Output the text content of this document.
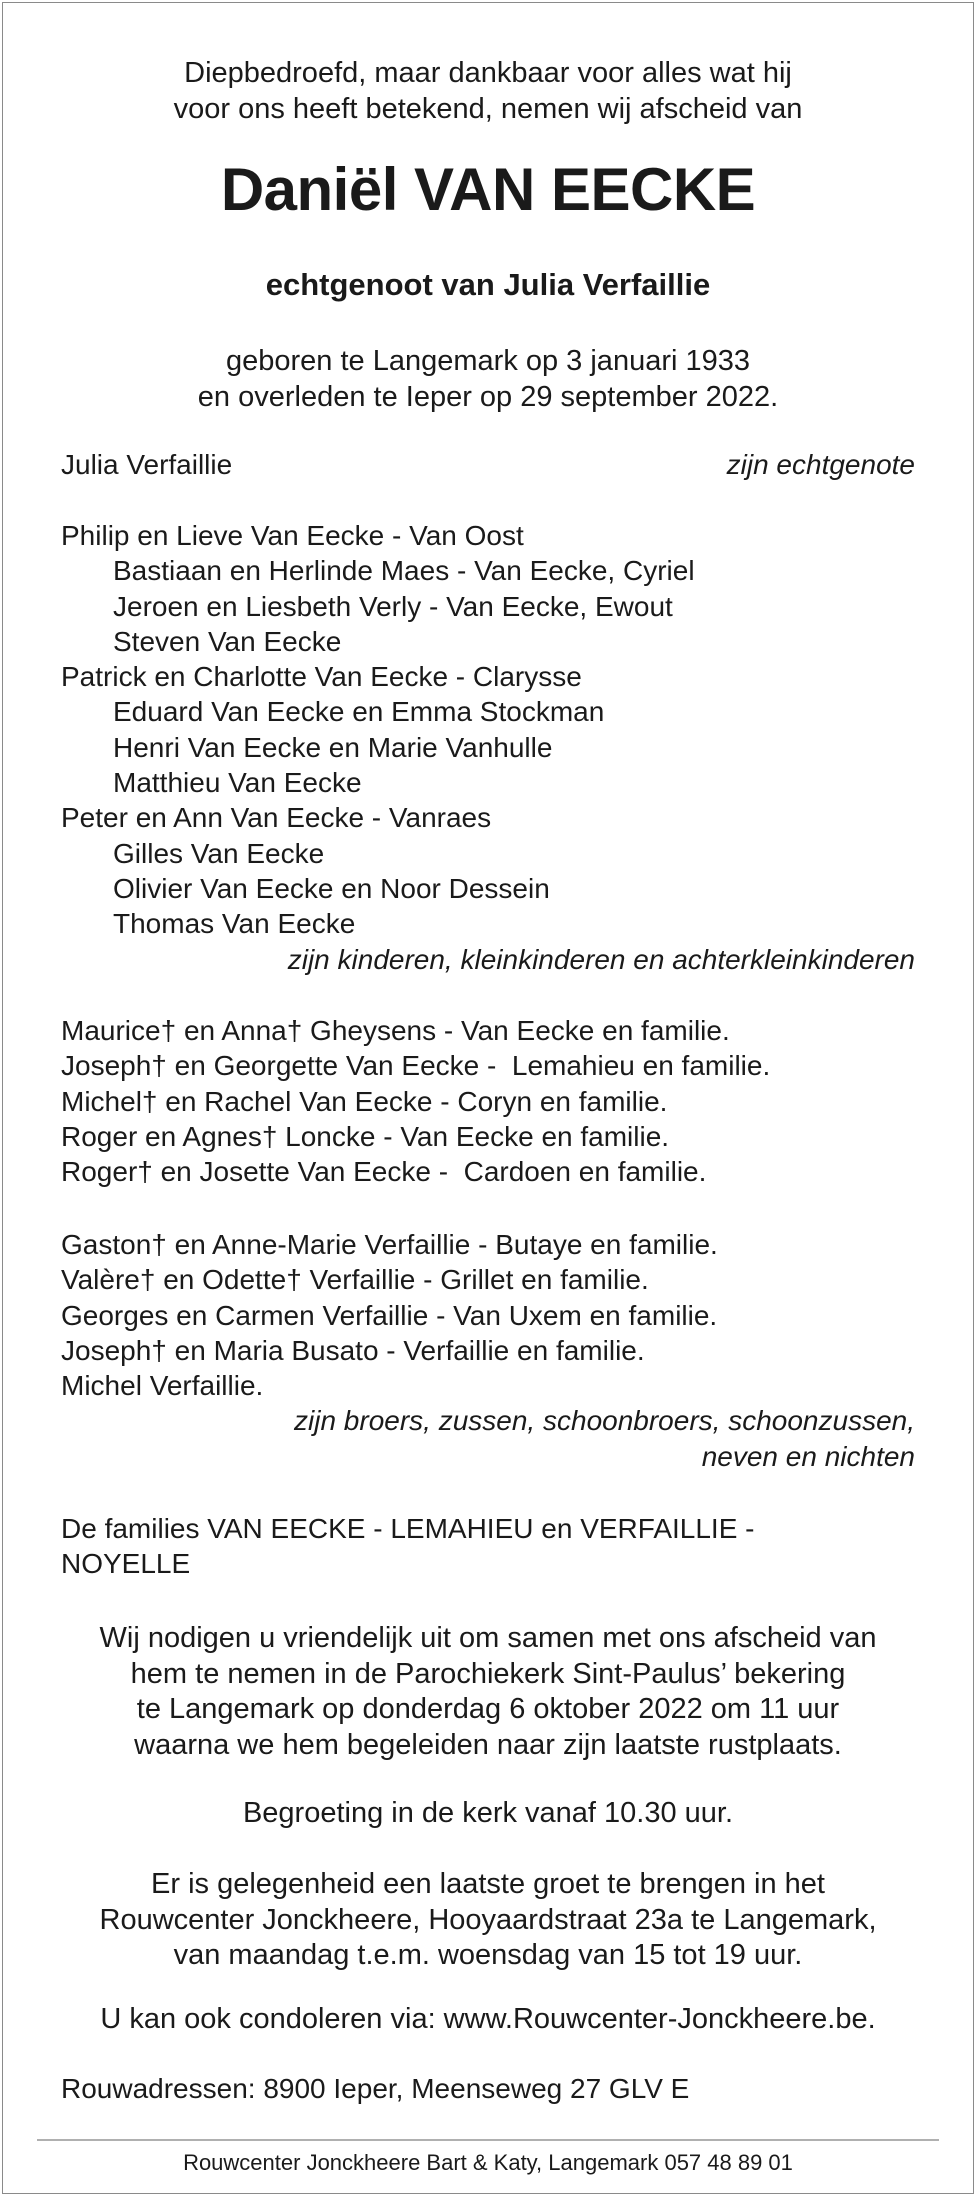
Diepbedroefd, maar dankbaar voor alles wat hij
voor ons heeft betekend, nemen wij afscheid van
Daniël VAN EECKE
echtgenoot van Julia Verfaillie
geboren te Langemark op 3 januari 1933
en overleden te Ieper op 29 september 2022.
Julia Verfaillie	zijn echtgenote
Philip en Lieve Van Eecke - Van Oost
Bastiaan en Herlinde Maes - Van Eecke, Cyriel
Jeroen en Liesbeth Verly - Van Eecke, Ewout
Steven Van Eecke
Patrick en Charlotte Van Eecke - Clarysse
Eduard Van Eecke en Emma Stockman
Henri Van Eecke en Marie Vanhulle
Matthieu Van Eecke
Peter en Ann Van Eecke - Vanraes
Gilles Van Eecke
Olivier Van Eecke en Noor Dessein
Thomas Van Eecke
zijn kinderen, kleinkinderen en achterkleinkinderen
Maurice† en Anna† Gheysens - Van Eecke en familie.
Joseph† en Georgette Van Eecke -  Lemahieu en familie.
Michel† en Rachel Van Eecke - Coryn en familie.
Roger en Agnes† Loncke - Van Eecke en familie.
Roger† en Josette Van Eecke -  Cardoen en familie.
Gaston† en Anne-Marie Verfaillie - Butaye en familie.
Valère† en Odette† Verfaillie - Grillet en familie.
Georges en Carmen Verfaillie - Van Uxem en familie.
Joseph† en Maria Busato - Verfaillie en familie.
Michel Verfaillie.
zijn broers, zussen, schoonbroers, schoonzussen,
neven en nichten
De families VAN EECKE - LEMAHIEU en VERFAILLIE -
NOYELLE
Wij nodigen u vriendelijk uit om samen met ons afscheid van
hem te nemen in de Parochiekerk Sint-Paulus’ bekering
te Langemark op donderdag 6 oktober 2022 om 11 uur
waarna we hem begeleiden naar zijn laatste rustplaats.
Begroeting in de kerk vanaf 10.30 uur.
Er is gelegenheid een laatste groet te brengen in het
Rouwcenter Jonckheere, Hooyaardstraat 23a te Langemark,
van maandag t.e.m. woensdag van 15 tot 19 uur.
U kan ook condoleren via: www.Rouwcenter-Jonckheere.be.
Rouwadressen: 8900 Ieper, Meenseweg 27 GLV E
Rouwcenter Jonckheere Bart & Katy, Langemark 057 48 89 01
